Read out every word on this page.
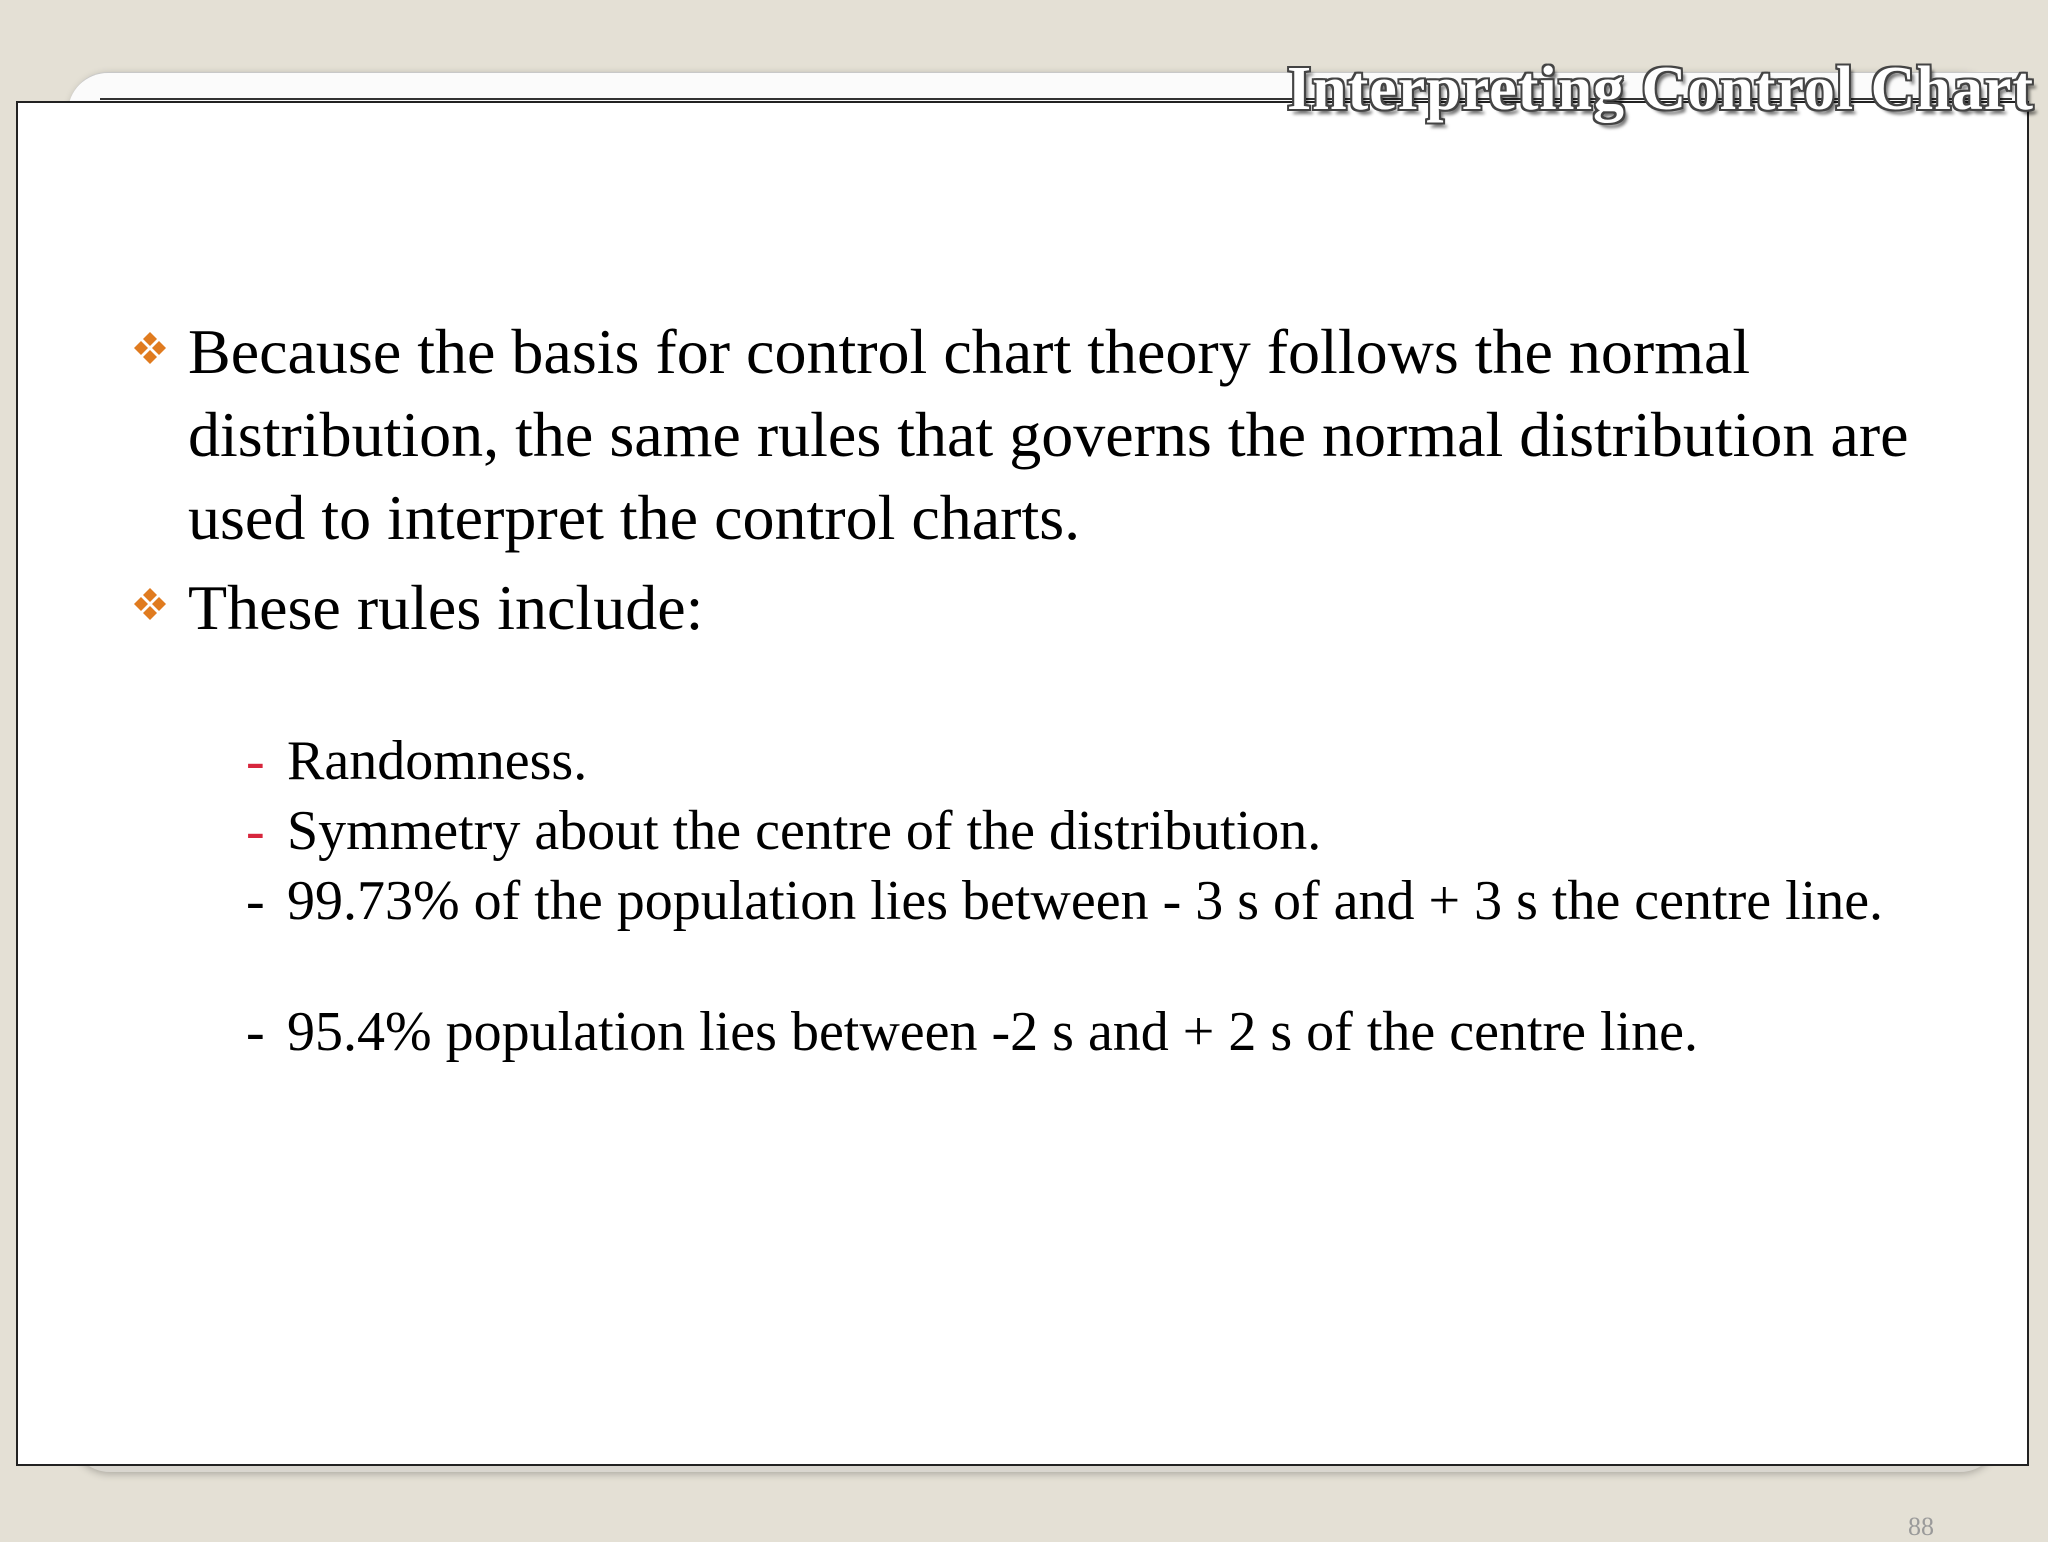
Because the basis for control chart theory follows the normal distribution, the same rules that governs the normal distribution are used to interpret the control charts.
These rules include:
- Randomness.
- Symmetry about the centre of the distribution.
- 99.73% of the population lies between - 3 s of and + 3 s the centre line.
- 95.4% population lies between -2 s and + 2 s of the centre line.
88
Interpreting Control Chart
